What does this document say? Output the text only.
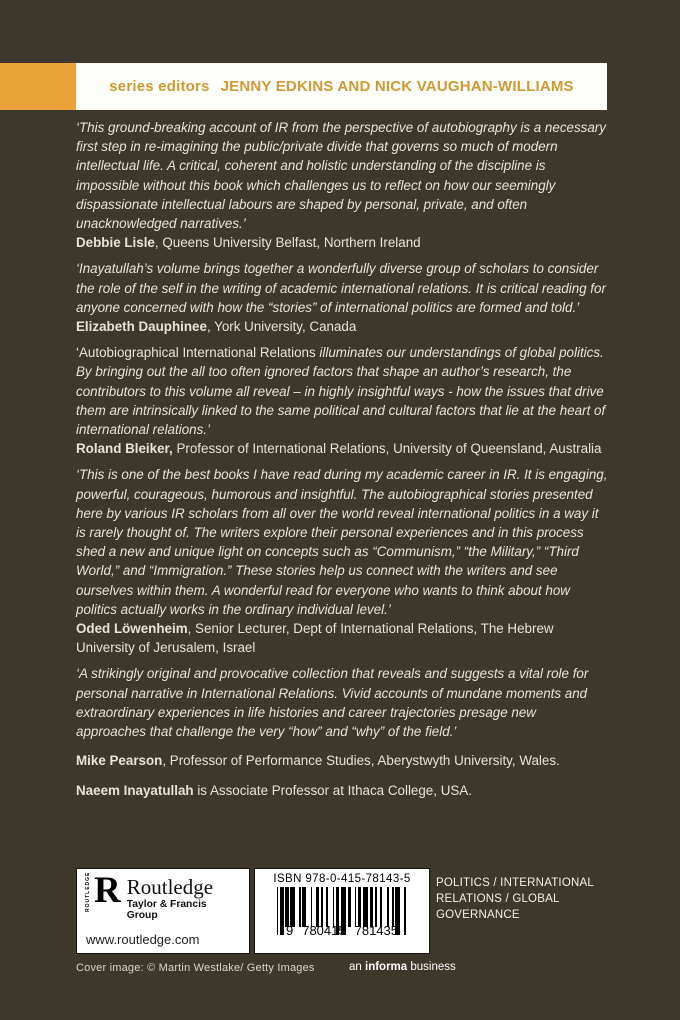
series editors JENNY EDKINS AND NICK VAUGHAN-WILLIAMS

‘This ground-breaking account of IR from the perspective of autobiography is a necessary first step in re-imagining the public/private divide that governs so much of modern intellectual life. A critical, coherent and holistic understanding of the discipline is impossible without this book which challenges us to reflect on how our seemingly dispassionate intellectual labours are shaped by personal, private, and often unacknowledged narratives.’

Debbie Lisle, Queens University Belfast, Northern Ireland

‘Inayatullah’s volume brings together a wonderfully diverse group of scholars to consider the role of the self in the writing of academic international relations. It is critical reading for anyone concerned with how the “stories” of international politics are formed and told.’

Elizabeth Dauphinee, York University, Canada

‘Autobiographical International Relations illuminates our understandings of global politics. By bringing out the all too often ignored factors that shape an author’s research, the contributors to this volume all reveal – in highly insightful ways - how the issues that drive them are intrinsically linked to the same political and cultural factors that lie at the heart of international relations.’

Roland Bleiker, Professor of International Relations, University of Queensland, Australia

‘This is one of the best books I have read during my academic career in IR. It is engaging, powerful, courageous, humorous and insightful. The autobiographical stories presented here by various IR scholars from all over the world reveal international politics in a way it is rarely thought of. The writers explore their personal experiences and in this process shed a new and unique light on concepts such as “Communism,” “the Military,” “Third World,” and “Immigration.” These stories help us connect with the writers and see ourselves within them. A wonderful read for everyone who wants to think about how politics actually works in the ordinary individual level.’

Oded Löwenheim, Senior Lecturer, Dept of International Relations, The Hebrew University of Jerusalem, Israel

‘A strikingly original and provocative collection that reveals and suggests a vital role for personal narrative in International Relations. Vivid accounts of mundane moments and extraordinary experiences in life histories and career trajectories presage new approaches that challenge the very “how” and “why” of the field.’

Mike Pearson, Professor of Performance Studies, Aberystwyth University, Wales.

Naeem Inayatullah is Associate Professor at Ithaca College, USA.

ROUTLEDGE R Routledge
Taylor & Francis Group
www.routledge.com
ISBN 978-0-415-78143-5
9 780415 781435
POLITICS / INTERNATIONAL
RELATIONS / GLOBAL
GOVERNANCE
Cover image: © Martin Westlake/ Getty Images	an informa business
